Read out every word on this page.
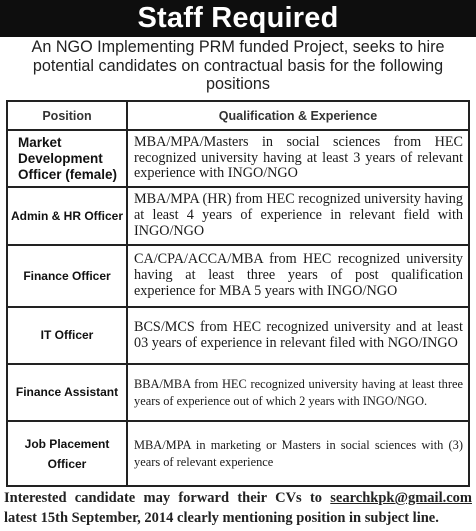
Staff Required
An NGO Implementing PRM funded Project, seeks to hire potential candidates on contractual basis for the following positions
Position	Qualification & Experience
Market Development Officer (female)	MBA/MPA/Masters in social sciences from HEC recognized university having at least 3 years of relevant experience with INGO/NGO
Admin & HR Officer	MBA/MPA (HR) from HEC recognized university having at least 4 years of experience in relevant field with INGO/NGO
Finance Officer	CA/CPA/ACCA/MBA from HEC recognized university having at least three years of post qualification experience for MBA 5 years with INGO/NGO
IT Officer	BCS/MCS from HEC recognized university and at least 03 years of experience in relevant filed with NGO/INGO
Finance Assistant	BBA/MBA from HEC recognized university having at least three years of experience out of which 2 years with INGO/NGO.
Job Placement Officer	MBA/MPA in marketing or Masters in social sciences with (3) years of relevant experience
Interested candidate may forward their CVs to searchkpk@gmail.com latest 15th September, 2014 clearly mentioning position in subject line.
